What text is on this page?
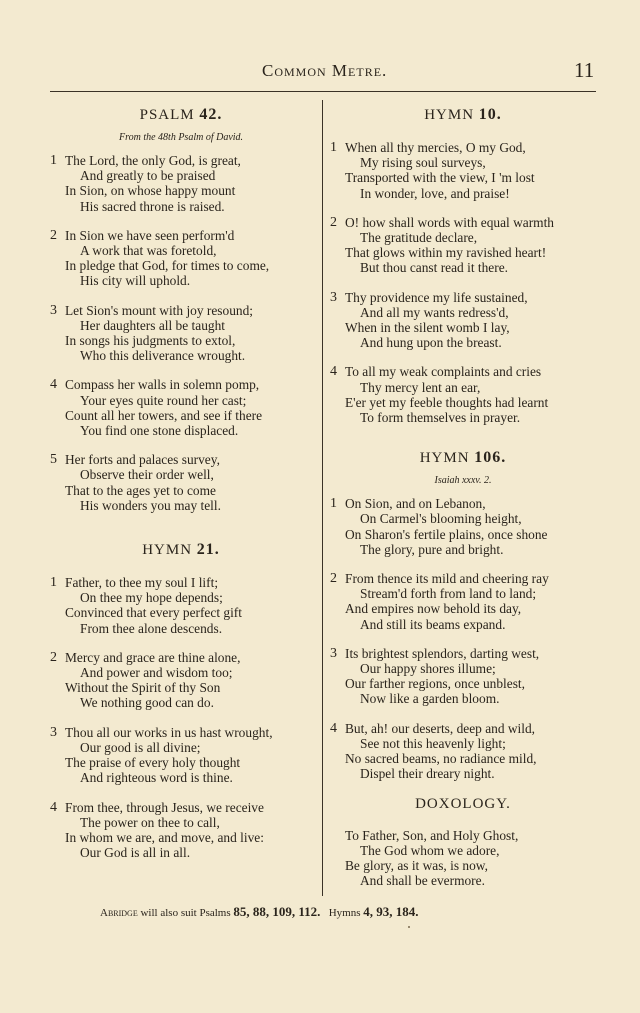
Common Metre.	11
PSALM 42.
From the 48th Psalm of David.
1 The Lord, the only God, is great,
And greatly to be praised
In Sion, on whose happy mount
His sacred throne is raised.
2 In Sion we have seen perform'd
A work that was foretold,
In pledge that God, for times to come,
His city will uphold.
3 Let Sion's mount with joy resound;
Her daughters all be taught
In songs his judgments to extol,
Who this deliverance wrought.
4 Compass her walls in solemn pomp,
Your eyes quite round her cast;
Count all her towers, and see if there
You find one stone displaced.
5 Her forts and palaces survey,
Observe their order well,
That to the ages yet to come
His wonders you may tell.
HYMN 21.
1 Father, to thee my soul I lift;
On thee my hope depends;
Convinced that every perfect gift
From thee alone descends.
2 Mercy and grace are thine alone,
And power and wisdom too;
Without the Spirit of thy Son
We nothing good can do.
3 Thou all our works in us hast wrought,
Our good is all divine;
The praise of every holy thought
And righteous word is thine.
4 From thee, through Jesus, we receive
The power on thee to call,
In whom we are, and move, and live:
Our God is all in all.
HYMN 10.
1 When all thy mercies, O my God,
My rising soul surveys,
Transported with the view, I 'm lost
In wonder, love, and praise!
2 O! how shall words with equal warmth
The gratitude declare,
That glows within my ravished heart!
But thou canst read it there.
3 Thy providence my life sustained,
And all my wants redress'd,
When in the silent womb I lay,
And hung upon the breast.
4 To all my weak complaints and cries
Thy mercy lent an ear,
E'er yet my feeble thoughts had learnt
To form themselves in prayer.
HYMN 106.
Isaiah xxxv. 2.
1 On Sion, and on Lebanon,
On Carmel's blooming height,
On Sharon's fertile plains, once shone
The glory, pure and bright.
2 From thence its mild and cheering ray
Stream'd forth from land to land;
And empires now behold its day,
And still its beams expand.
3 Its brightest splendors, darting west,
Our happy shores illume;
Our farther regions, once unblest,
Now like a garden bloom.
4 But, ah! our deserts, deep and wild,
See not this heavenly light;
No sacred beams, no radiance mild,
Dispel their dreary night.
DOXOLOGY.
To Father, Son, and Holy Ghost,
The God whom we adore,
Be glory, as it was, is now,
And shall be evermore.
Abridge will also suit Psalms 85, 88, 109, 112.   Hymns 4, 93, 184.
